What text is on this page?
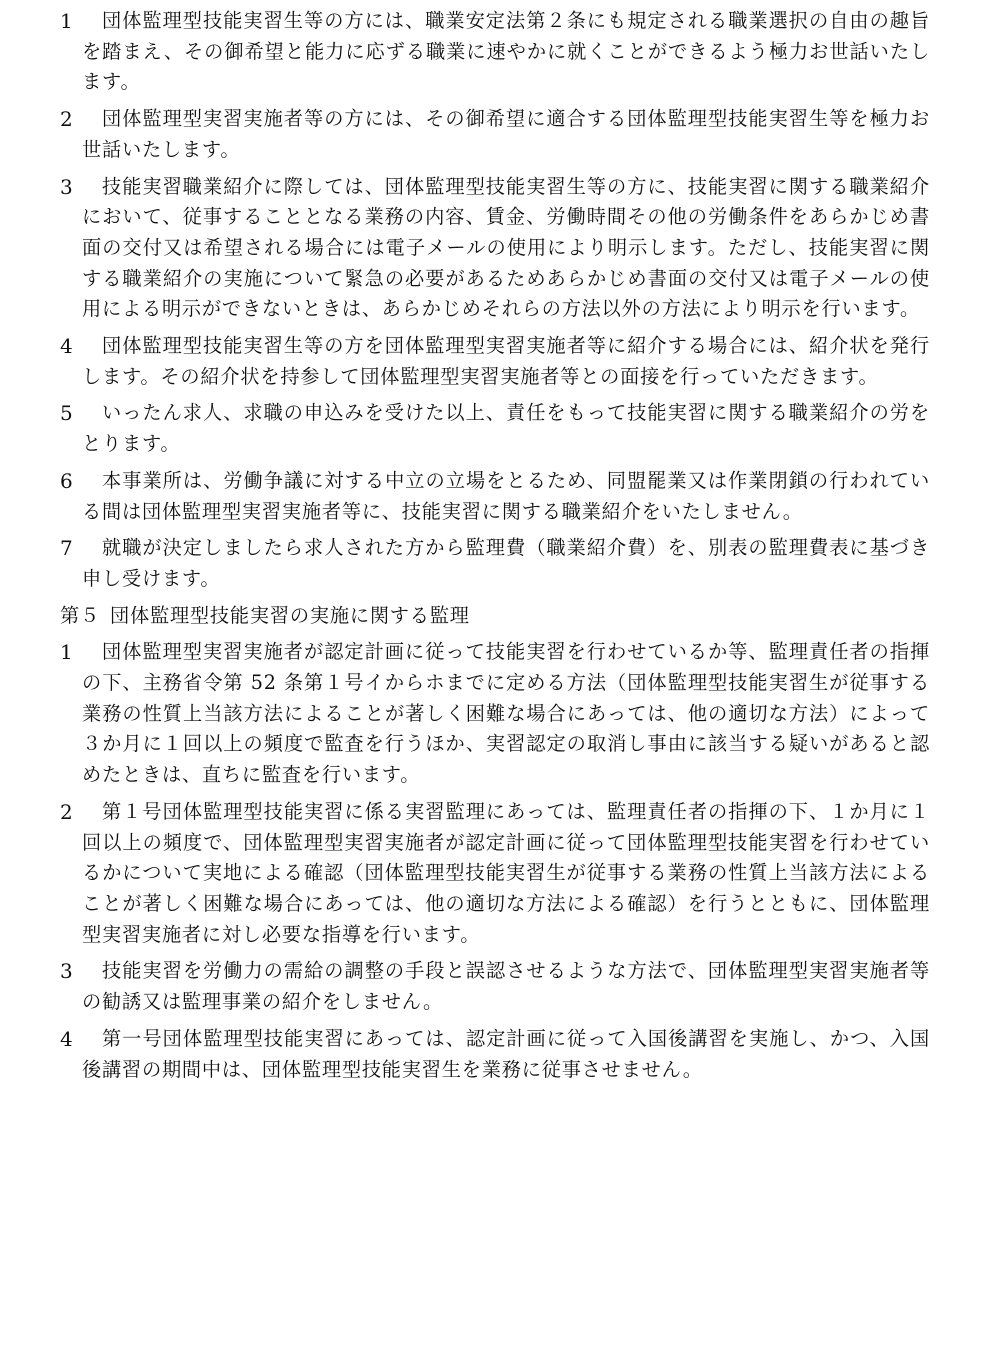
1	団体監理型技能実習生等の方には、職業安定法第２条にも規定される職業選択の自由の趣旨を踏まえ、その御希望と能力に応ずる職業に速やかに就くことができるよう極力お世話いたします。
2	団体監理型実習実施者等の方には、その御希望に適合する団体監理型技能実習生等を極力お世話いたします。
3	技能実習職業紹介に際しては、団体監理型技能実習生等の方に、技能実習に関する職業紹介において、従事することとなる業務の内容、賃金、労働時間その他の労働条件をあらかじめ書面の交付又は希望される場合には電子メールの使用により明示します。ただし、技能実習に関する職業紹介の実施について緊急の必要があるためあらかじめ書面の交付又は電子メールの使用による明示ができないときは、あらかじめそれらの方法以外の方法により明示を行います。
4	団体監理型技能実習生等の方を団体監理型実習実施者等に紹介する場合には、紹介状を発行します。その紹介状を持参して団体監理型実習実施者等との面接を行っていただきます。
5	いったん求人、求職の申込みを受けた以上、責任をもって技能実習に関する職業紹介の労をとります。
6	本事業所は、労働争議に対する中立の立場をとるため、同盟罷業又は作業閉鎖の行われている間は団体監理型実習実施者等に、技能実習に関する職業紹介をいたしません。
7	就職が決定しましたら求人された方から監理費（職業紹介費）を、別表の監理費表に基づき申し受けます。
第５ 団体監理型技能実習の実施に関する監理
1	団体監理型実習実施者が認定計画に従って技能実習を行わせているか等、監理責任者の指揮の下、主務省令第 52 条第１号イからホまでに定める方法（団体監理型技能実習生が従事する業務の性質上当該方法によることが著しく困難な場合にあっては、他の適切な方法）によって３か月に１回以上の頻度で監査を行うほか、実習認定の取消し事由に該当する疑いがあると認めたときは、直ちに監査を行います。
2	第１号団体監理型技能実習に係る実習監理にあっては、監理責任者の指揮の下、１か月に１回以上の頻度で、団体監理型実習実施者が認定計画に従って団体監理型技能実習を行わせているかについて実地による確認（団体監理型技能実習生が従事する業務の性質上当該方法によることが著しく困難な場合にあっては、他の適切な方法による確認）を行うとともに、団体監理型実習実施者に対し必要な指導を行います。
3	技能実習を労働力の需給の調整の手段と誤認させるような方法で、団体監理型実習実施者等の勧誘又は監理事業の紹介をしません。
4	第一号団体監理型技能実習にあっては、認定計画に従って入国後講習を実施し、かつ、入国後講習の期間中は、団体監理型技能実習生を業務に従事させません。
